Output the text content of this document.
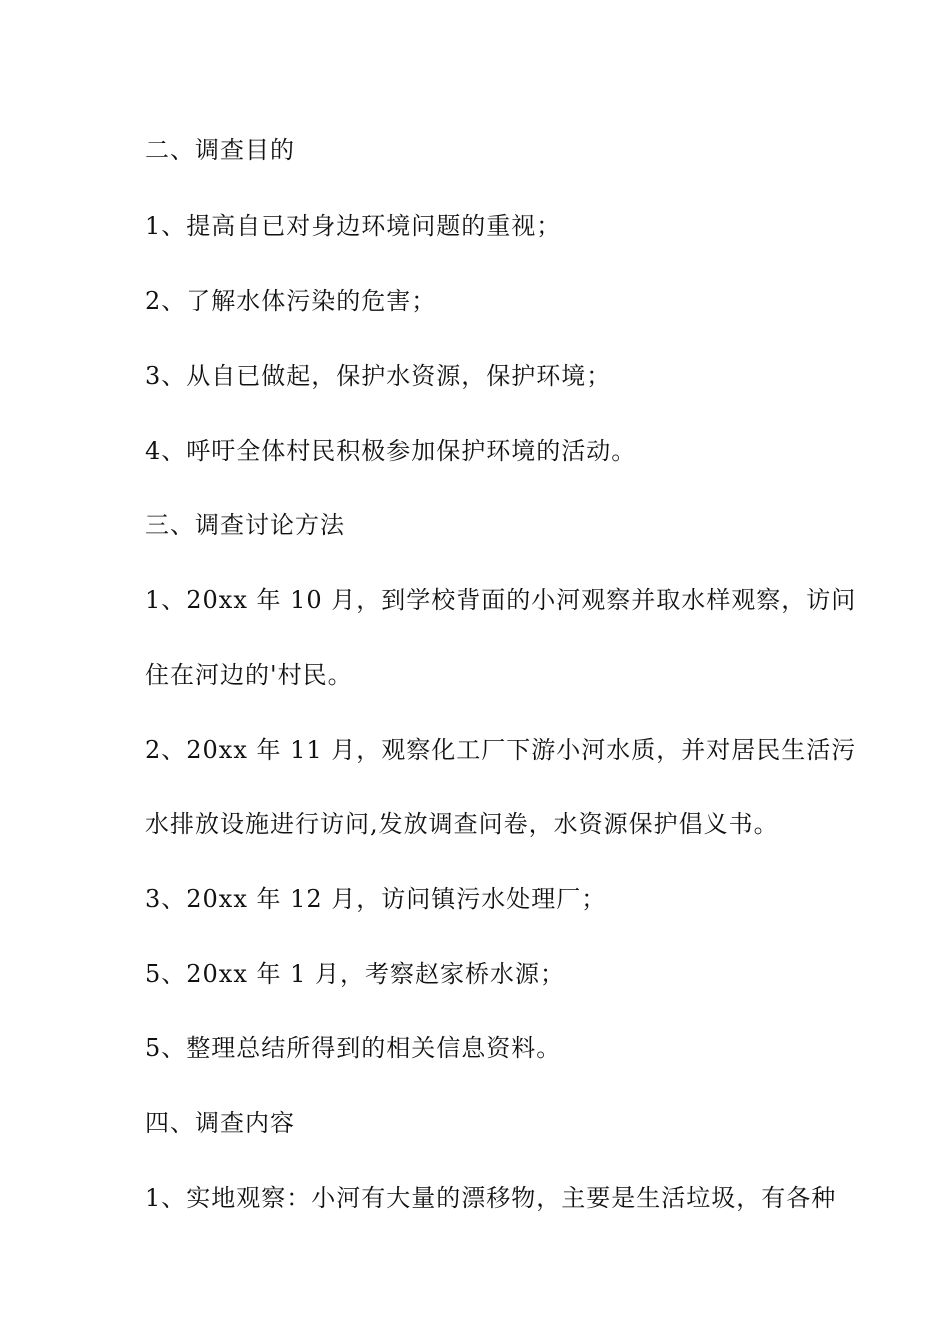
二、调查目的

1、提高自已对身边环境问题的重视；

2、了解水体污染的危害；

3、从自已做起，保护水资源，保护环境；

4、呼吁全体村民积极参加保护环境的活动。

三、调查讨论方法

1、20xx 年 10 月，到学校背面的小河观察并取水样观察，访问

住在河边的'村民。

2、20xx 年 11 月，观察化工厂下游小河水质，并对居民生活污

水排放设施进行访问,发放调查问卷，水资源保护倡义书。

3、20xx 年 12 月，访问镇污水处理厂；

5、20xx 年 1 月，考察赵家桥水源；

5、整理总结所得到的相关信息资料。

四、调查内容

1、实地观察：小河有大量的漂移物，主要是生活垃圾，有各种
